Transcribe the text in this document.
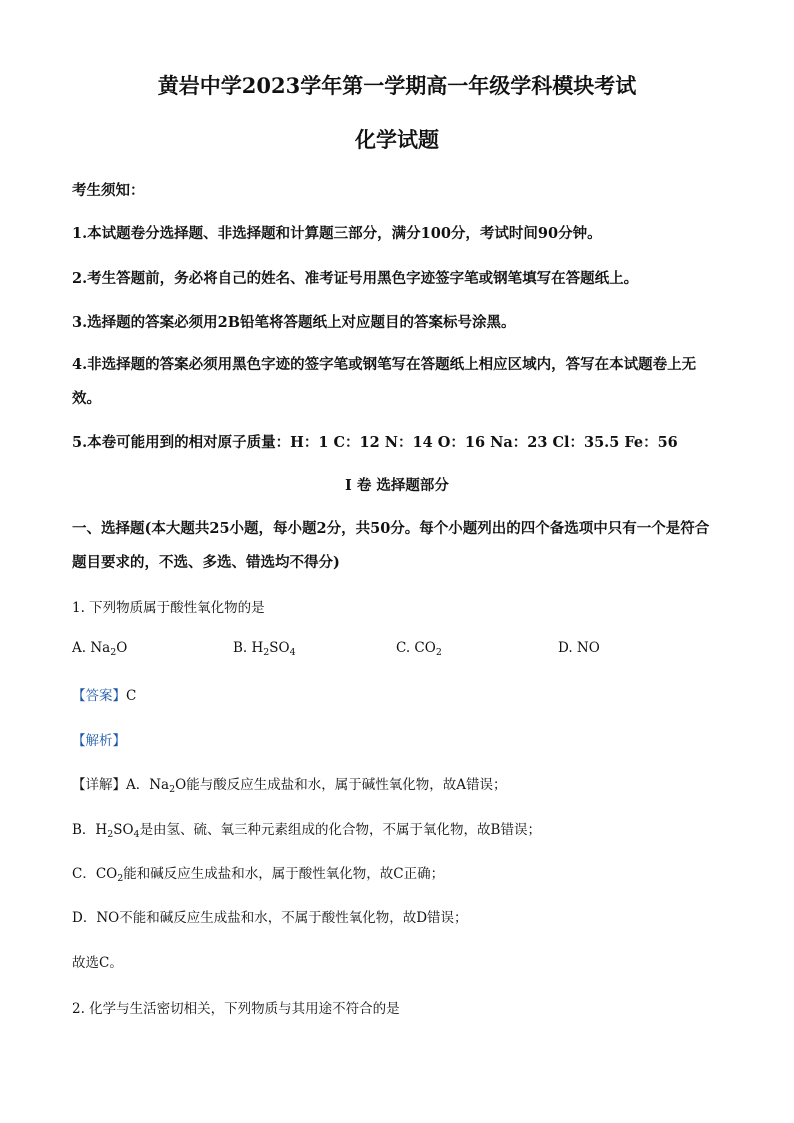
黄岩中学2023学年第一学期高一年级学科模块考试
化学试题
考生须知：
1.本试题卷分选择题、非选择题和计算题三部分，满分100分，考试时间90分钟。
2.考生答题前，务必将自己的姓名、准考证号用黑色字迹签字笔或钢笔填写在答题纸上。
3.选择题的答案必须用2B铅笔将答题纸上对应题目的答案标号涂黑。
4.非选择题的答案必须用黑色字迹的签字笔或钢笔写在答题纸上相应区域内，答写在本试题卷上无效。
5.本卷可能用到的相对原子质量：H：1 C：12 N：14 O：16 Na：23 Cl：35.5 Fe：56
I 卷 选择题部分
一、选择题(本大题共25小题，每小题2分，共50分。每个小题列出的四个备选项中只有一个是符合题目要求的，不选、多选、错选均不得分)
1. 下列物质属于酸性氧化物的是
A. $Na_2O$	B. $H_2SO_4$	C. $CO_2$	D. NO
【答案】C
【解析】
【详解】A．$Na_2O$能与酸反应生成盐和水，属于碱性氧化物，故A错误；
B．$H_2SO_4$是由氢、硫、氧三种元素组成的化合物，不属于氧化物，故B错误；
C．$CO_2$能和碱反应生成盐和水，属于酸性氧化物，故C正确；
D．NO不能和碱反应生成盐和水，不属于酸性氧化物，故D错误；
故选C。
2. 化学与生活密切相关，下列物质与其用途不符合的是
